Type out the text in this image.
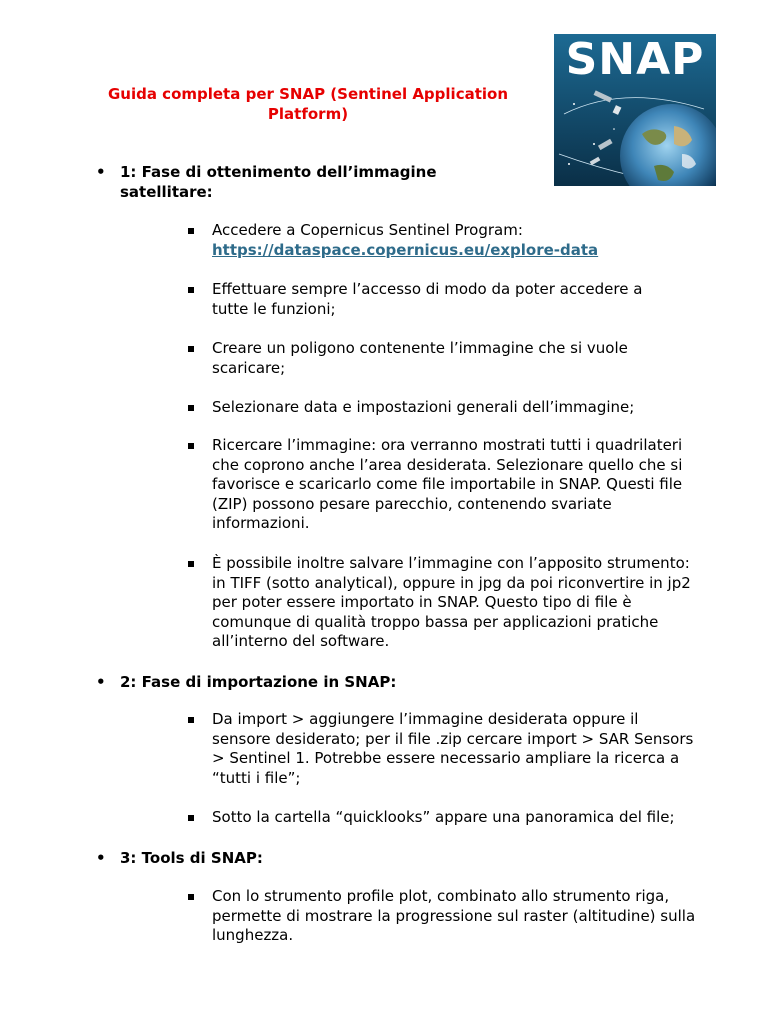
Guida completa per SNAP (Sentinel Application Platform)
SNAP
• 1: Fase di ottenimento dell’immagine satellitare:
Accedere a Copernicus Sentinel Program:
https://dataspace.copernicus.eu/explore-data
Effettuare sempre l’accesso di modo da poter accedere a tutte le funzioni;
Creare un poligono contenente l’immagine che si vuole scaricare;
Selezionare data e impostazioni generali dell’immagine;
Ricercare l’immagine: ora verranno mostrati tutti i quadrilateri che coprono anche l’area desiderata. Selezionare quello che si favorisce e scaricarlo come file importabile in SNAP. Questi file (ZIP) possono pesare parecchio, contenendo svariate informazioni.
È possibile inoltre salvare l’immagine con l’apposito strumento: in TIFF (sotto analytical), oppure in jpg da poi riconvertire in jp2 per poter essere importato in SNAP. Questo tipo di file è comunque di qualità troppo bassa per applicazioni pratiche all’interno del software.
• 2: Fase di importazione in SNAP:
Da import > aggiungere l’immagine desiderata oppure il sensore desiderato; per il file .zip cercare import > SAR Sensors > Sentinel 1. Potrebbe essere necessario ampliare la ricerca a “tutti i file”;
Sotto la cartella “quicklooks” appare una panoramica del file;
• 3: Tools di SNAP:
Con lo strumento profile plot, combinato allo strumento riga, permette di mostrare la progressione sul raster (altitudine) sulla lunghezza.
